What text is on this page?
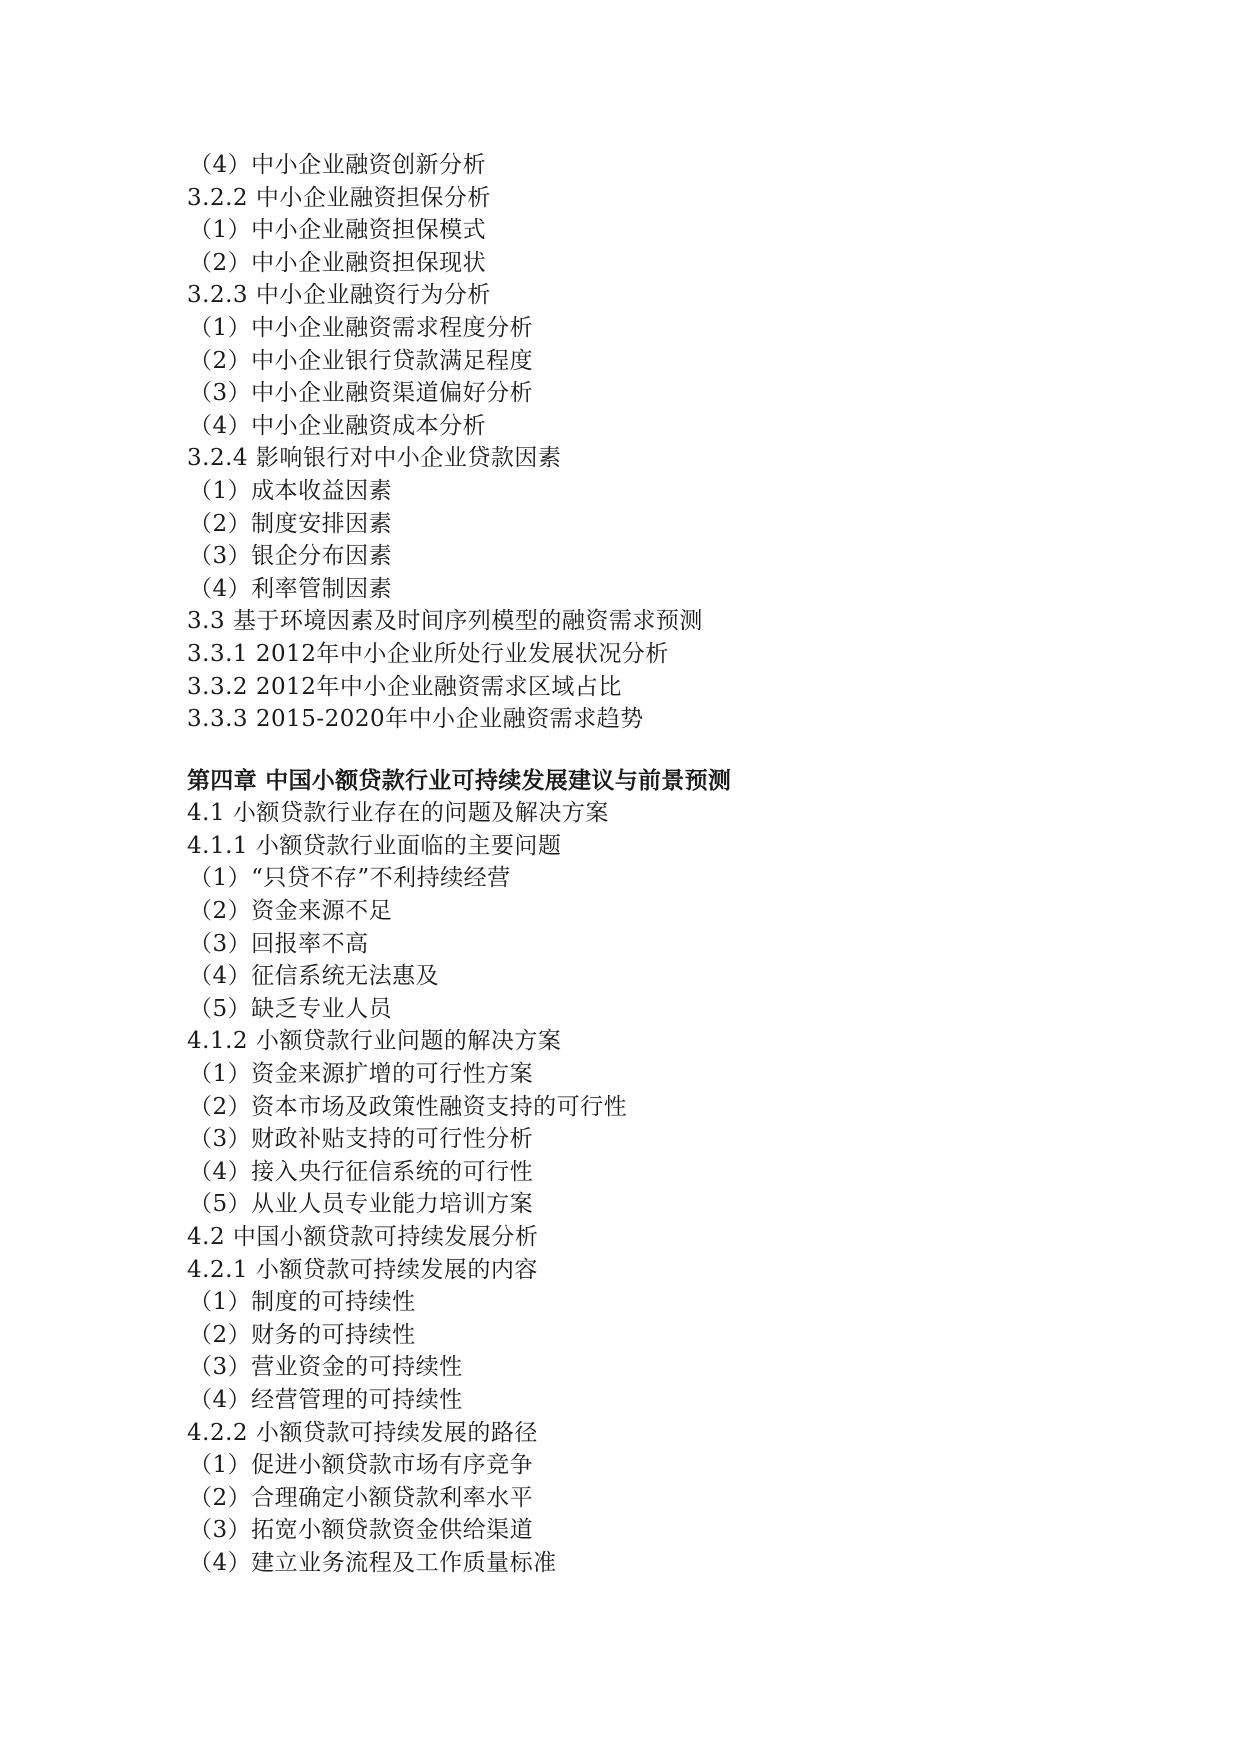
（4）中小企业融资创新分析
3.2.2 中小企业融资担保分析
（1）中小企业融资担保模式
（2）中小企业融资担保现状
3.2.3 中小企业融资行为分析
（1）中小企业融资需求程度分析
（2）中小企业银行贷款满足程度
（3）中小企业融资渠道偏好分析
（4）中小企业融资成本分析
3.2.4 影响银行对中小企业贷款因素
（1）成本收益因素
（2）制度安排因素
（3）银企分布因素
（4）利率管制因素
3.3 基于环境因素及时间序列模型的融资需求预测
3.3.1 2012年中小企业所处行业发展状况分析
3.3.2 2012年中小企业融资需求区域占比
3.3.3 2015-2020年中小企业融资需求趋势
第四章 中国小额贷款行业可持续发展建议与前景预测
4.1 小额贷款行业存在的问题及解决方案
4.1.1 小额贷款行业面临的主要问题
（1）“只贷不存”不利持续经营
（2）资金来源不足
（3）回报率不高
（4）征信系统无法惠及
（5）缺乏专业人员
4.1.2 小额贷款行业问题的解决方案
（1）资金来源扩增的可行性方案
（2）资本市场及政策性融资支持的可行性
（3）财政补贴支持的可行性分析
（4）接入央行征信系统的可行性
（5）从业人员专业能力培训方案
4.2 中国小额贷款可持续发展分析
4.2.1 小额贷款可持续发展的内容
（1）制度的可持续性
（2）财务的可持续性
（3）营业资金的可持续性
（4）经营管理的可持续性
4.2.2 小额贷款可持续发展的路径
（1）促进小额贷款市场有序竞争
（2）合理确定小额贷款利率水平
（3）拓宽小额贷款资金供给渠道
（4）建立业务流程及工作质量标准
